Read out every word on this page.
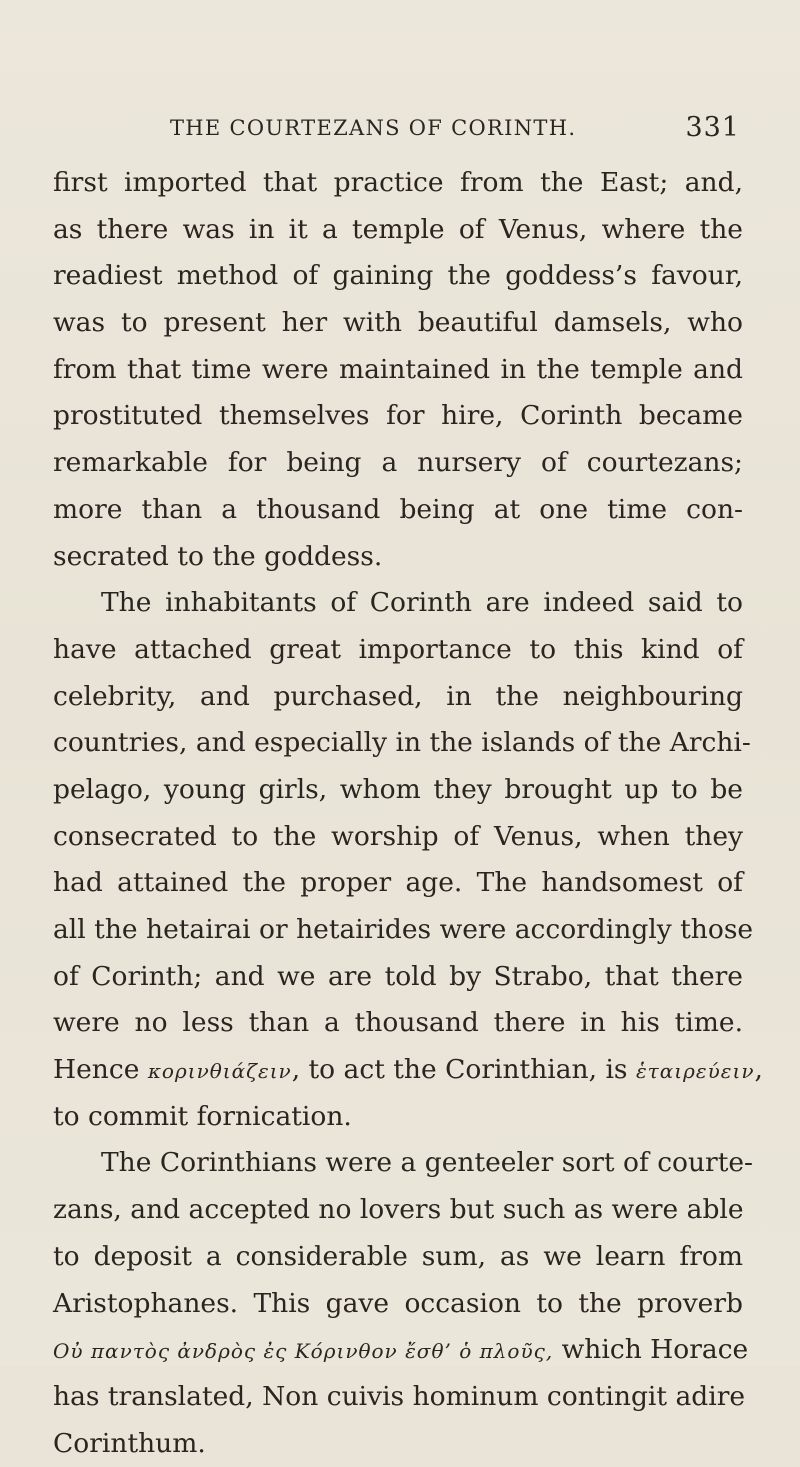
THE COURTEZANS OF CORINTH.	331
first imported that practice from the East; and,
as there was in it a temple of Venus, where the
readiest method of gaining the goddess’s favour,
was to present her with beautiful damsels, who
from that time were maintained in the temple and
prostituted themselves for hire, Corinth became
remarkable for being a nursery of courtezans;
more than a thousand being at one time con-
secrated to the goddess.
The inhabitants of Corinth are indeed said to
have attached great importance to this kind of
celebrity, and purchased, in the neighbouring
countries, and especially in the islands of the Archi-
pelago, young girls, whom they brought up to be
consecrated to the worship of Venus, when they
had attained the proper age. The handsomest of
all the hetairai or hetairides were accordingly those
of Corinth; and we are told by Strabo, that there
were no less than a thousand there in his time.
Hence κορινθιάζειν, to act the Corinthian, is ἑταιρεύειν,
to commit fornication.
The Corinthians were a genteeler sort of courte-
zans, and accepted no lovers but such as were able
to deposit a considerable sum, as we learn from
Aristophanes. This gave occasion to the proverb
Οὐ παντὸς ἀνδρὸς ἐς Κόρινθον ἔσθ’ ὁ πλοῦς, which Horace
has translated, Non cuivis hominum contingit adire
Corinthum.
